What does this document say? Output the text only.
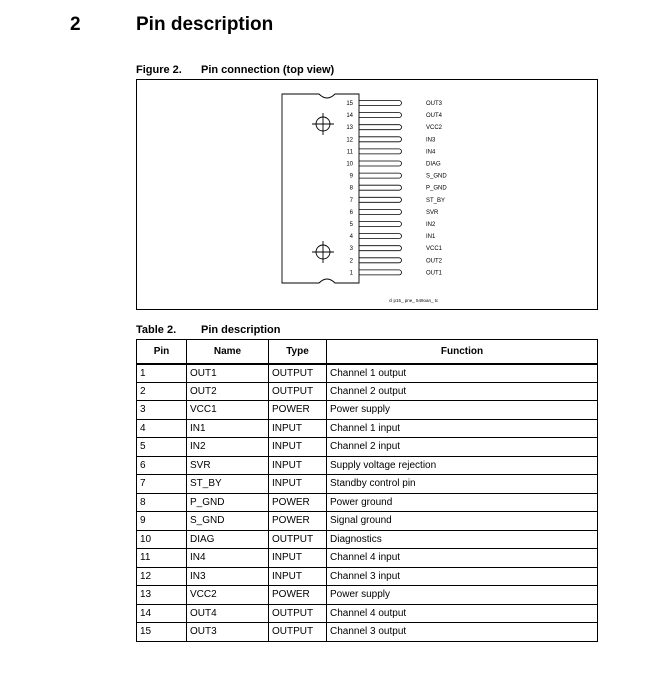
2	Pin description
Figure 2. Pin connection (top view)
15	OUT3
14	OUT4
13	VCC2
12	IN3
11	IN4
10	DIAG
9	S_GND
8	P_GND
7	ST_BY
6	SVR
5	IN2
4	IN1
3	VCC1
2	OUT2
1	OUT1
cl p15_ pne_ 549oan_ tc
Table 2. Pin description
Pin	Name	Type	Function
1	OUT1	OUTPUT	Channel 1 output
2	OUT2	OUTPUT	Channel 2 output
3	VCC1	POWER	Power supply
4	IN1	INPUT	Channel 1 input
5	IN2	INPUT	Channel 2 input
6	SVR	INPUT	Supply voltage rejection
7	ST_BY	INPUT	Standby control pin
8	P_GND	POWER	Power ground
9	S_GND	POWER	Signal ground
10	DIAG	OUTPUT	Diagnostics
11	IN4	INPUT	Channel 4 input
12	IN3	INPUT	Channel 3 input
13	VCC2	POWER	Power supply
14	OUT4	OUTPUT	Channel 4 output
15	OUT3	OUTPUT	Channel 3 output
